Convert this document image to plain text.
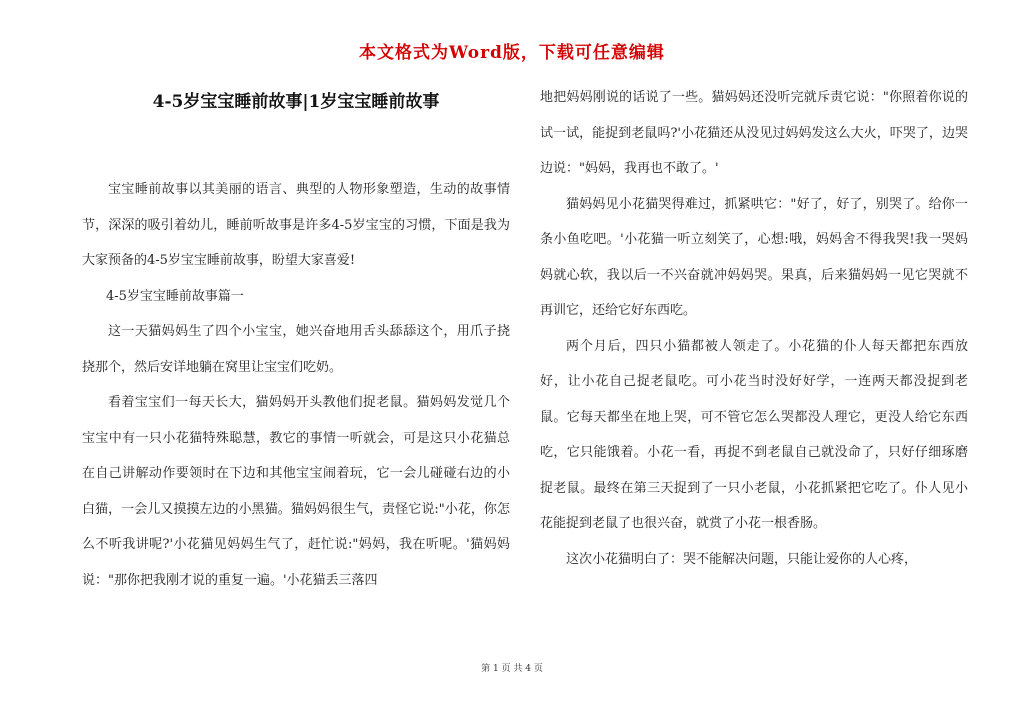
本文格式为Word版，下载可任意编辑
4-5岁宝宝睡前故事|1岁宝宝睡前故事

宝宝睡前故事以其美丽的语言、典型的人物形象塑造，生动的故事情节，深深的吸引着幼儿，睡前听故事是许多4-5岁宝宝的习惯，下面是我为大家预备的4-5岁宝宝睡前故事，盼望大家喜爱!

4-5岁宝宝睡前故事篇一

这一天猫妈妈生了四个小宝宝，她兴奋地用舌头舔舔这个，用爪子挠挠那个，然后安详地躺在窝里让宝宝们吃奶。

看着宝宝们一每天长大，猫妈妈开头教他们捉老鼠。猫妈妈发觉几个宝宝中有一只小花猫特殊聪慧，教它的事情一听就会，可是这只小花猫总在自己讲解动作要领时在下边和其他宝宝闹着玩，它一会儿碰碰右边的小白猫，一会儿又摸摸左边的小黑猫。猫妈妈很生气，责怪它说:"小花，你怎么不听我讲呢?'小花猫见妈妈生气了，赶忙说:"妈妈，我在听呢。'猫妈妈说："那你把我刚才说的重复一遍。'小花猫丢三落四

地把妈妈刚说的话说了一些。猫妈妈还没听完就斥责它说："你照着你说的试一试，能捉到老鼠吗?'小花猫还从没见过妈妈发这么大火，吓哭了，边哭边说："妈妈，我再也不敢了。'

猫妈妈见小花猫哭得难过，抓紧哄它："好了，好了，别哭了。给你一条小鱼吃吧。'小花猫一听立刻笑了，心想:哦，妈妈舍不得我哭!我一哭妈妈就心软，我以后一不兴奋就冲妈妈哭。果真，后来猫妈妈一见它哭就不再训它，还给它好东西吃。

两个月后，四只小猫都被人领走了。小花猫的仆人每天都把东西放好，让小花自己捉老鼠吃。可小花当时没好好学，一连两天都没捉到老鼠。它每天都坐在地上哭，可不管它怎么哭都没人理它，更没人给它东西吃，它只能饿着。小花一看，再捉不到老鼠自己就没命了，只好仔细琢磨捉老鼠。最终在第三天捉到了一只小老鼠，小花抓紧把它吃了。仆人见小花能捉到老鼠了也很兴奋，就赏了小花一根香肠。

这次小花猫明白了：哭不能解决问题，只能让爱你的人心疼，

第 1 页 共 4 页
